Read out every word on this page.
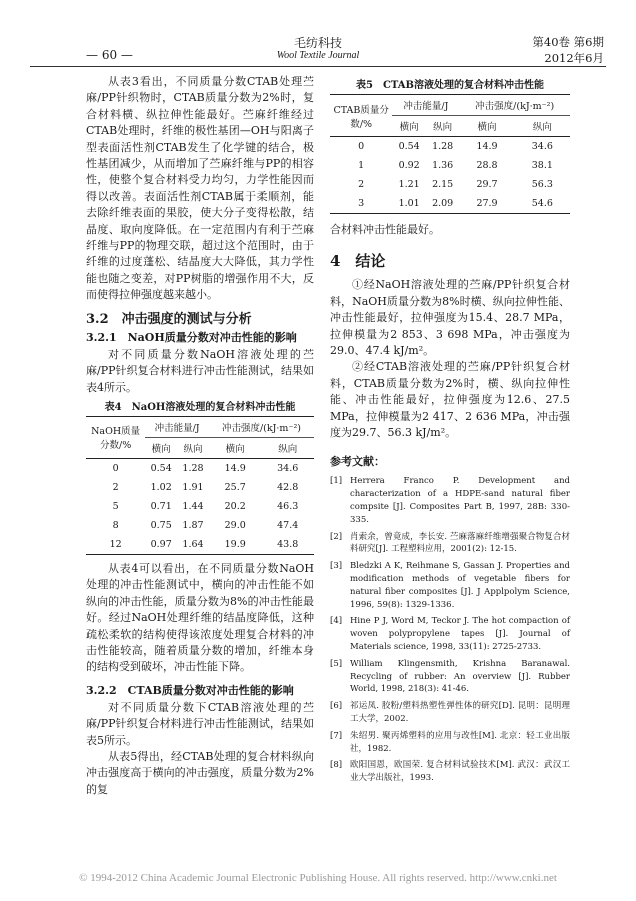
— 60 —
毛纺科技
Wool Textile Journal
第40卷 第6期
2012年6月

从表3看出，不同质量分数CTAB处理苎麻/PP针织物时，CTAB质量分数为2%时，复合材料横、纵拉伸性能最好。苎麻纤维经过CTAB处理时，纤维的极性基团—OH与阳离子型表面活性剂CTAB发生了化学键的结合，极性基团减少，从而增加了苎麻纤维与PP的相容性，使整个复合材料受力均匀，力学性能因而得以改善。表面活性剂CTAB属于柔顺剂，能去除纤维表面的果胶，使大分子变得松散，结晶度、取向度降低。在一定范围内有利于苎麻纤维与PP的物理交联，超过这个范围时，由于纤维的过度蓬松、结晶度大大降低，其力学性能也随之变差，对PP树脂的增强作用不大，反而使得拉伸强度越来越小。

3.2　冲击强度的测试与分析
3.2.1　NaOH质量分数对冲击性能的影响

对不同质量分数NaOH溶液处理的苎麻/PP针织复合材料进行冲击性能测试，结果如表4所示。

表4　NaOH溶液处理的复合材料冲击性能
NaOH质量分数/%	冲击能量/J		冲击强度/(kJ·m⁻²)	
	横向	纵向	横向	纵向
0	0.54	1.28	14.9	34.6
2	1.02	1.91	25.7	42.8
5	0.71	1.44	20.2	46.3
8	0.75	1.87	29.0	47.4
12	0.97	1.64	19.9	43.8

从表4可以看出，在不同质量分数NaOH处理的冲击性能测试中，横向的冲击性能不如纵向的冲击性能，质量分数为8%的冲击性能最好。经过NaOH处理纤维的结晶度降低，这种疏松柔软的结构使得该浓度处理复合材料的冲击性能较高，随着质量分数的增加，纤维本身的结构受到破坏，冲击性能下降。

3.2.2　CTAB质量分数对冲击性能的影响

对不同质量分数下CTAB溶液处理的苎麻/PP针织复合材料进行冲击性能测试，结果如表5所示。

从表5得出，经CTAB处理的复合材料纵向冲击强度高于横向的冲击强度，质量分数为2%的复

表5　CTAB溶液处理的复合材料冲击性能
CTAB质量分数/%	冲击能量/J		冲击强度/(kJ·m⁻²)	
	横向	纵向	横向	纵向
0	0.54	1.28	14.9	34.6
1	0.92	1.36	28.8	38.1
2	1.21	2.15	29.7	56.3
3	1.01	2.09	27.9	54.6

合材料冲击性能最好。

4　结论

①经NaOH溶液处理的苎麻/PP针织复合材料，NaOH质量分数为8%时横、纵向拉伸性能、冲击性能最好，拉伸强度为15.4、28.7 MPa，拉伸模量为2 853、3 698 MPa，冲击强度为29.0、47.4 kJ/m²。

②经CTAB溶液处理的苎麻/PP针织复合材料，CTAB质量分数为2%时，横、纵向拉伸性能、冲击性能最好，拉伸强度为12.6、27.5 MPa，拉伸模量为2 417、2 636 MPa，冲击强度为29.7、56.3 kJ/m²。

参考文献：
[1] Herrera Franco P. Development and characterization of a HDPE-sand natural fiber compsite [J]. Composites Part B, 1997, 28B: 330-335.
[2] 肖索余，曾竟成，李长安. 苎麻落麻纤维增强聚合物复合材料研究[J]. 工程塑料应用，2001(2): 12-15.
[3] Bledzki A K, Reihmane S, Gassan J. Properties and modification methods of vegetable fibers for natural fiber composites [J]. J Applpolym Science, 1996, 59(8): 1329-1336.
[4] Hine P J, Word M, Teckor J. The hot compaction of woven polypropylene tapes [J]. Journal of Materials science, 1998, 33(11): 2725-2733.
[5] William Klingensmith, Krishna Baranawal. Recycling of rubber: An overview [J]. Rubber World, 1998, 218(3): 41-46.
[6] 祁运凤. 胶粉/塑料热塑性弹性体的研究[D]. 昆明：昆明理工大学，2002.
[7] 朱绍男. 聚丙烯塑料的应用与改性[M]. 北京：轻工业出版社，1982.
[8] 欧阳国恩，欧国荣. 复合材料试验技术[M]. 武汉：武汉工业大学出版社，1993.
© 1994-2012 China Academic Journal Electronic Publishing House. All rights reserved. http://www.cnki.net
